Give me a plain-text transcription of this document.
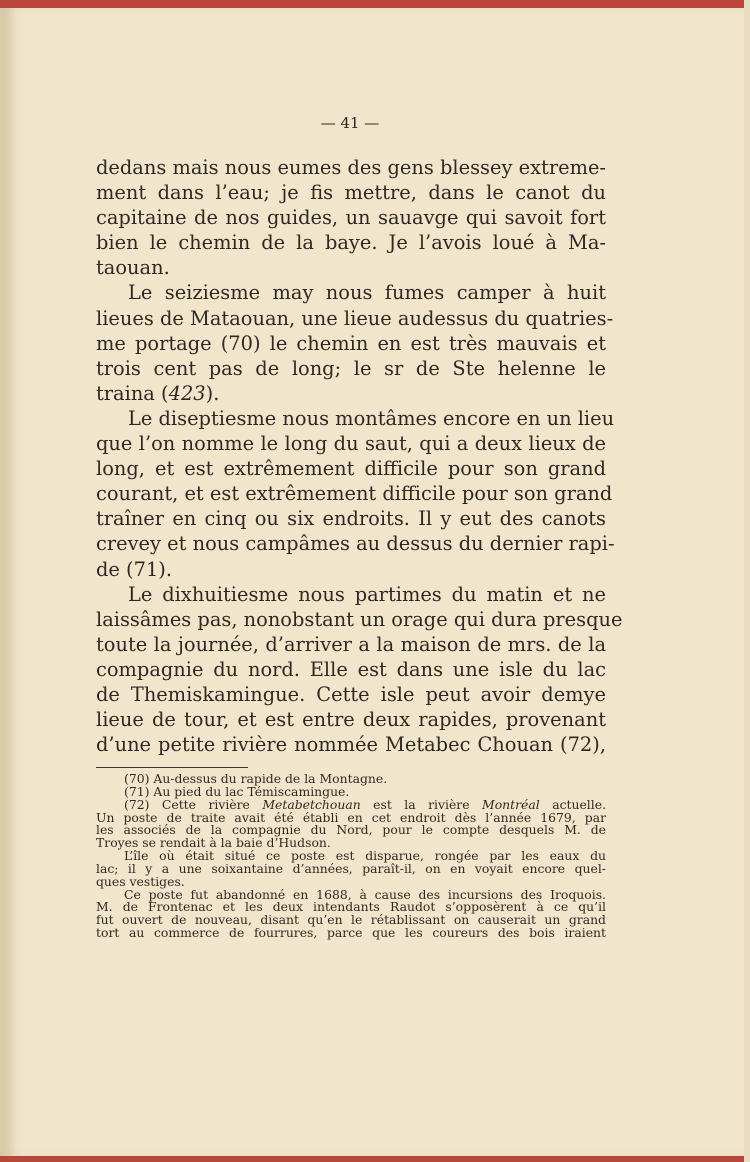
— 41 —
dedans mais nous eumes des gens blessey extreme-
ment dans l’eau; je fis mettre, dans le canot du
capitaine de nos guides, un sauavge qui savoit fort
bien le chemin de la baye. Je l’avois loué à Ma-
taouan.
Le seiziesme may nous fumes camper à huit
lieues de Mataouan, une lieue audessus du quatries-
me portage (70) le chemin en est très mauvais et
trois cent pas de long; le sr de Ste helenne le
traina (423).
Le diseptiesme nous montâmes encore en un lieu
que l’on nomme le long du saut, qui a deux lieux de
long, et est extrêmement difficile pour son grand
courant, et est extrêmement difficile pour son grand
traîner en cinq ou six endroits. Il y eut des canots
crevey et nous campâmes au dessus du dernier rapi-
de (71).
Le dixhuitiesme nous partimes du matin et ne
laissâmes pas, nonobstant un orage qui dura presque
toute la journée, d’arriver a la maison de mrs. de la
compagnie du nord. Elle est dans une isle du lac
de Themiskamingue. Cette isle peut avoir demye
lieue de tour, et est entre deux rapides, provenant
d’une petite rivière nommée Metabec Chouan (72),
(70) Au-dessus du rapide de la Montagne.
(71) Au pied du lac Témiscamingue.
(72) Cette rivière Metabetchouan est la rivière Montréal actuelle.
Un poste de traite avait été établi en cet endroit dès l’année 1679, par
les associés de la compagnie du Nord, pour le compte desquels M. de
Troyes se rendait à la baie d’Hudson.
L’île où était situé ce poste est disparue, rongée par les eaux du
lac; il y a une soixantaine d’années, paraît-il, on en voyait encore quel-
ques vestiges.
Ce poste fut abandonné en 1688, à cause des incursions des Iroquois.
M. de Frontenac et les deux intendants Raudot s’opposèrent à ce qu’il
fut ouvert de nouveau, disant qu’en le rétablissant on causerait un grand
tort au commerce de fourrures, parce que les coureurs des bois iraient
